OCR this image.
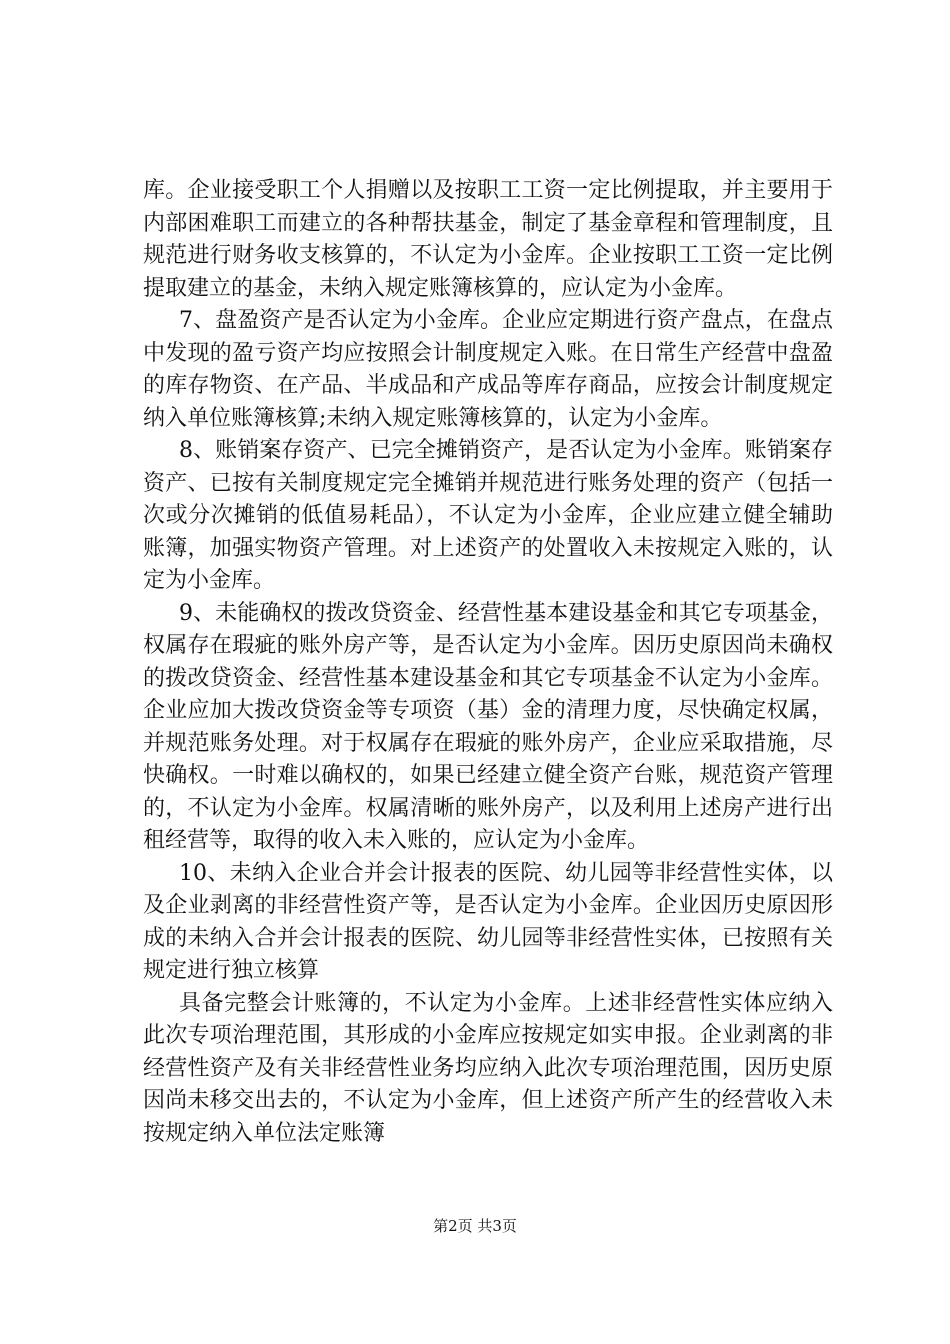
库。企业接受职工个人捐赠以及按职工工资一定比例提取，并主要用于内部困难职工而建立的各种帮扶基金，制定了基金章程和管理制度，且规范进行财务收支核算的，不认定为小金库。企业按职工工资一定比例提取建立的基金，未纳入规定账簿核算的，应认定为小金库。

7、盘盈资产是否认定为小金库。企业应定期进行资产盘点，在盘点中发现的盈亏资产均应按照会计制度规定入账。在日常生产经营中盘盈的库存物资、在产品、半成品和产成品等库存商品，应按会计制度规定纳入单位账簿核算;未纳入规定账簿核算的，认定为小金库。

8、账销案存资产、已完全摊销资产，是否认定为小金库。账销案存资产、已按有关制度规定完全摊销并规范进行账务处理的资产（包括一次或分次摊销的低值易耗品），不认定为小金库，企业应建立健全辅助账簿，加强实物资产管理。对上述资产的处置收入未按规定入账的，认定为小金库。

9、未能确权的拨改贷资金、经营性基本建设基金和其它专项基金，权属存在瑕疵的账外房产等，是否认定为小金库。因历史原因尚未确权的拨改贷资金、经营性基本建设基金和其它专项基金不认定为小金库。企业应加大拨改贷资金等专项资（基）金的清理力度，尽快确定权属，并规范账务处理。对于权属存在瑕疵的账外房产，企业应采取措施，尽快确权。一时难以确权的，如果已经建立健全资产台账，规范资产管理的，不认定为小金库。权属清晰的账外房产，以及利用上述房产进行出租经营等，取得的收入未入账的，应认定为小金库。

10、未纳入企业合并会计报表的医院、幼儿园等非经营性实体，以及企业剥离的非经营性资产等，是否认定为小金库。企业因历史原因形成的未纳入合并会计报表的医院、幼儿园等非经营性实体，已按照有关规定进行独立核算

具备完整会计账簿的，不认定为小金库。上述非经营性实体应纳入此次专项治理范围，其形成的小金库应按规定如实申报。企业剥离的非经营性资产及有关非经营性业务均应纳入此次专项治理范围，因历史原因尚未移交出去的，不认定为小金库，但上述资产所产生的经营收入未按规定纳入单位法定账簿

第2页 共3页
